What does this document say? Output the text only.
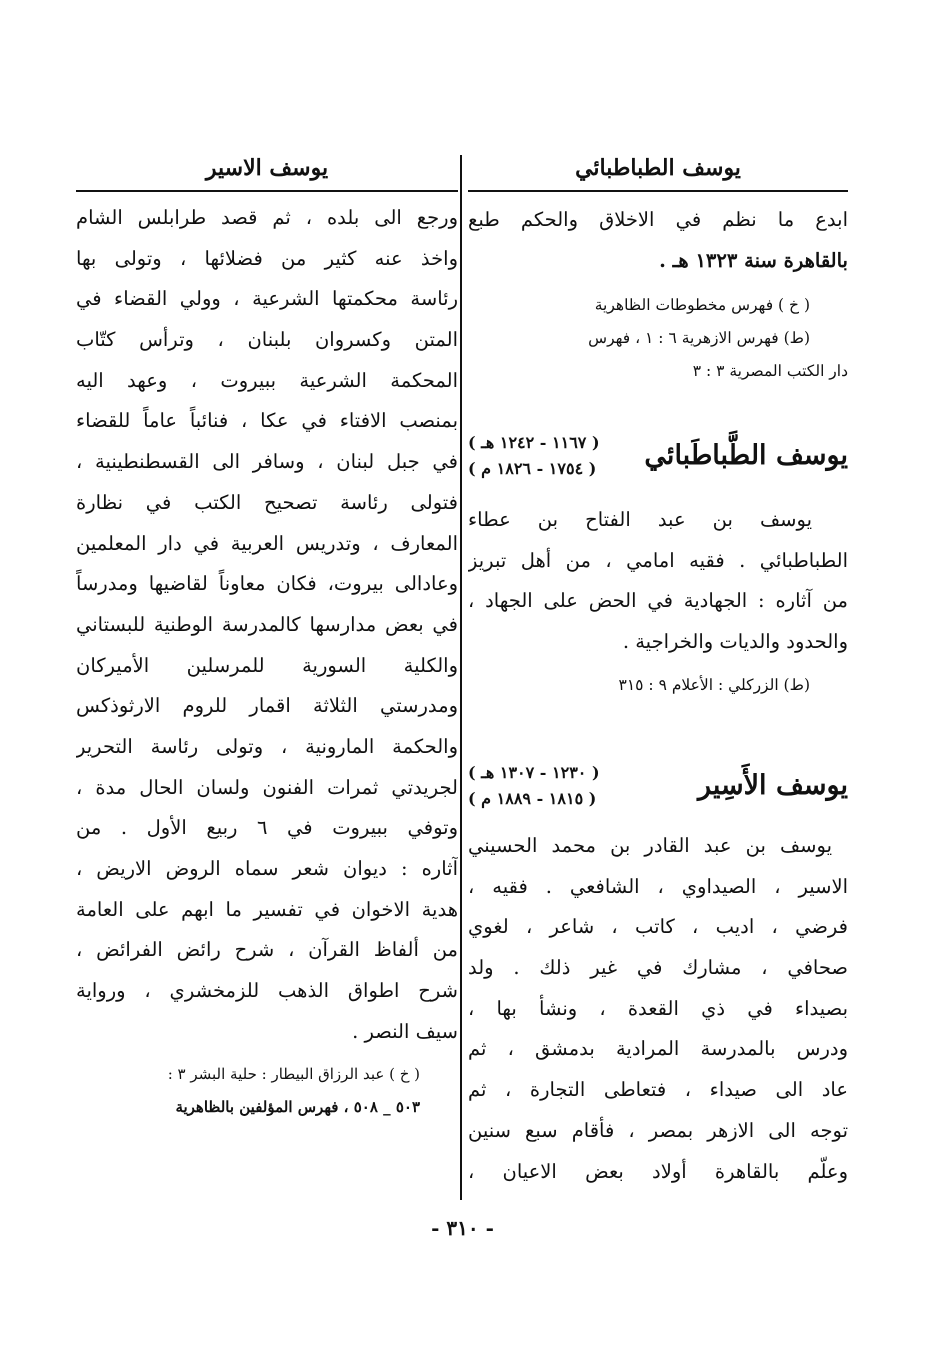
يوسف الطباطبائي
ابدع ما نظم في الاخلاق والحكم طبع
بالقاهرة سنة ١٣٢٣ هـ .
( خ ) فهرس مخطوطات الظاهرية
(ط) فهرس الازهرية ٦ : ١ ، فهرس
دار الكتب المصرية ٣ : ٣
يوسف الطَّباطَبائي
( ١١٦٧ - ١٢٤٢ هـ )
( ١٧٥٤ - ١٨٢٦ م )
يوسف بن عبد الفتاح بن عطاء
الطباطبائي . فقيه امامي ، من أهل تبريز
من آثاره : الجهادية في الحض على الجهاد ،
والحدود والديات والخراجية .
(ط) الزركلي : الأعلام ٩ : ٣١٥
يوسف الأَسِير
( ١٢٣٠ - ١٣٠٧ هـ )
( ١٨١٥ - ١٨٨٩ م )
يوسف بن عبد القادر بن محمد الحسيني
الاسير ، الصيداوي ، الشافعي . فقيه ،
فرضي ، اديب ، كاتب ، شاعر ، لغوي
صحافي ، مشارك في غير ذلك . ولد
بصيداء في ذي القعدة ، ونشأ بها ،
ودرس بالمدرسة المرادية بدمشق ، ثم
عاد الى صيداء ، فتعاطى التجارة ، ثم
توجه الى الازهر بمصر ، فأقام سبع سنين
وعلّم بالقاهرة أولاد بعض الاعيان ،
يوسف الاسير
ورجع الى بلده ، ثم قصد طرابلس الشام
واخذ عنه كثير من فضلائها ، وتولى بها
رئاسة محكمتها الشرعية ، وولي القضاء في
المتن وكسروان بلبنان ، وترأس كتّاب
المحكمة الشرعية ببيروت ، وعهد اليه
بمنصب الافتاء في عكا ، فنائباً عاماً للقضاء
في جبل لبنان ، وسافر الى القسطنطينية ،
فتولى رئاسة تصحيح الكتب في نظارة
المعارف ، وتدريس العربية في دار المعلمين
وعادالى بيروت، فكان معاوناً لقاضيها ومدرساً
في بعض مدارسها كالمدرسة الوطنية للبستاني
والكلية السورية للمرسلين الأميركان
ومدرستي الثلاثة اقمار للروم الارثوذكس
والحكمة المارونية ، وتولى رئاسة التحرير
لجريدتي ثمرات الفنون ولسان الحال مدة ،
وتوفي ببيروت في ٦ ربيع الأول . من
آثاره : ديوان شعر سماه الروض الاريض ،
هدية الاخوان في تفسير ما ابهم على العامة
من ألفاظ القرآن ، شرح رائض الفرائض ،
شرح اطواق الذهب للزمخشري ، ورواية
سيف النصر .
( خ ) عبد الرزاق البيطار : حلية البشر ٣ :
٥٠٣ _ ٥٠٨ ، فهرس المؤلفين بالظاهرية
- ٣١٠ -
